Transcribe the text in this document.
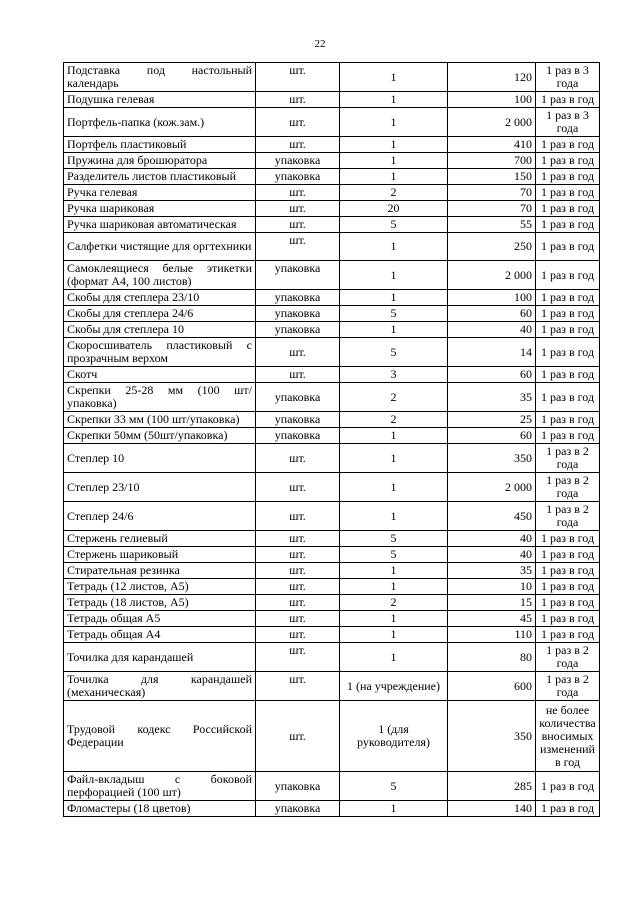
22
Подставка под настольный календарь	шт.	1	120	1 раз в 3 года
Подушка гелевая	шт.	1	100	1 раз в год
Портфель-папка (кож.зам.)	шт.	1	2 000	1 раз в 3 года
Портфель пластиковый	шт.	1	410	1 раз в год
Пружина для брошюратора	упаковка	1	700	1 раз в год
Разделитель листов пластиковый	упаковка	1	150	1 раз в год
Ручка гелевая	шт.	2	70	1 раз в год
Ручка шариковая	шт.	20	70	1 раз в год
Ручка шариковая автоматическая	шт.	5	55	1 раз в год
Салфетки чистящие для оргтехники	шт.	1	250	1 раз в год
Самоклеящиеся белые этикетки (формат А4, 100 листов)	упаковка	1	2 000	1 раз в год
Скобы для степлера 23/10	упаковка	1	100	1 раз в год
Скобы для степлера 24/6	упаковка	5	60	1 раз в год
Скобы для степлера 10	упаковка	1	40	1 раз в год
Скоросшиватель пластиковый с прозрачным верхом	шт.	5	14	1 раз в год
Скотч	шт.	3	60	1 раз в год
Скрепки 25-28 мм (100 шт/упаковка)	упаковка	2	35	1 раз в год
Скрепки 33 мм (100 шт/упаковка)	упаковка	2	25	1 раз в год
Скрепки 50мм (50шт/упаковка)	упаковка	1	60	1 раз в год
Степлер 10	шт.	1	350	1 раз в 2 года
Степлер 23/10	шт.	1	2 000	1 раз в 2 года
Степлер 24/6	шт.	1	450	1 раз в 2 года
Стержень гелиевый	шт.	5	40	1 раз в год
Стержень шариковый	шт.	5	40	1 раз в год
Стирательная резинка	шт.	1	35	1 раз в год
Тетрадь (12 листов, А5)	шт.	1	10	1 раз в год
Тетрадь (18 листов, А5)	шт.	2	15	1 раз в год
Тетрадь общая А5	шт.	1	45	1 раз в год
Тетрадь общая А4	шт.	1	110	1 раз в год
Точилка для карандашей	шт.	1	80	1 раз в 2 года
Точилка для карандашей (механическая)	шт.	1 (на учреждение)	600	1 раз в 2 года
Трудовой кодекс Российской Федерации	шт.	1 (для руководителя)	350	не более количества вносимых изменений в год
Файл-вкладыш с боковой перфорацией (100 шт)	упаковка	5	285	1 раз в год
Фломастеры (18 цветов)	упаковка	1	140	1 раз в год
